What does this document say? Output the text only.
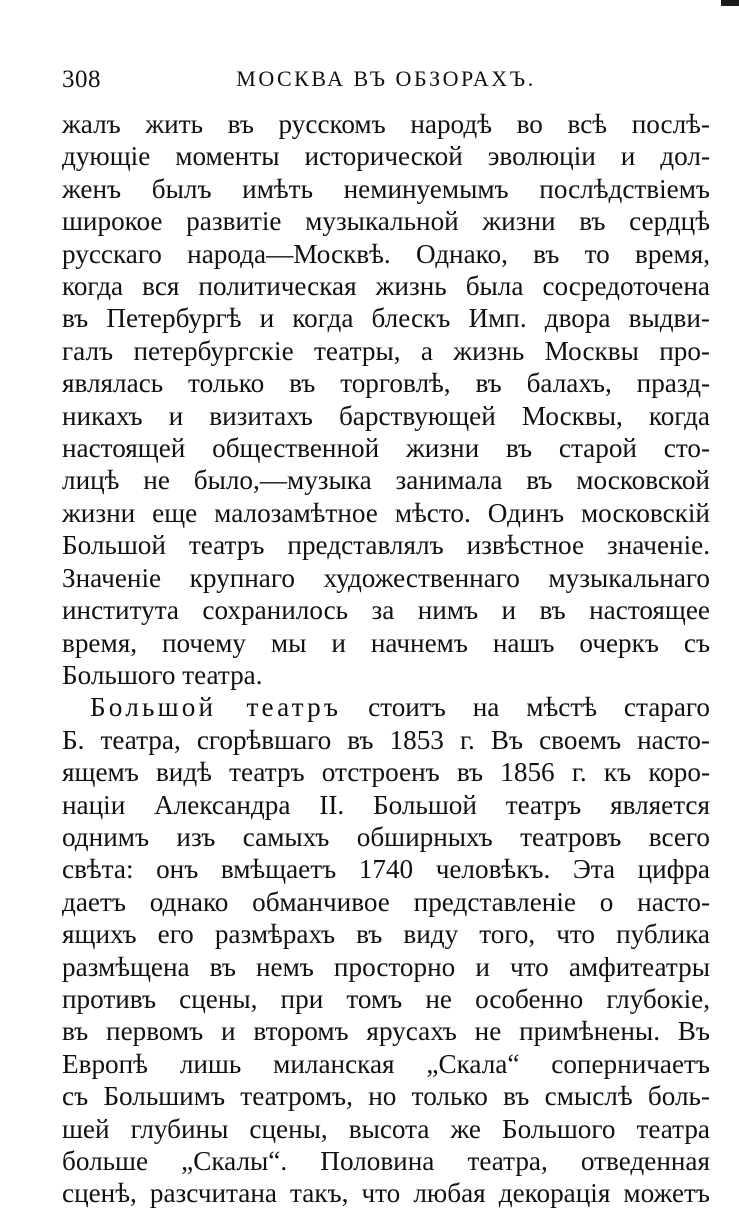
308	МОСКВА ВЪ ОБЗОРАХЪ.

жалъ жить въ русскомъ народѣ во всѣ послѣ-
дующіе моменты исторической эволюціи и дол-
женъ былъ имѣть неминуемымъ послѣдствіемъ
широкое развитіе музыкальной жизни въ сердцѣ
русскаго народа—Москвѣ. Однако, въ то время,
когда вся политическая жизнь была сосредоточена
въ Петербургѣ и когда блескъ Имп. двора выдви-
галъ петербургскіе театры, а жизнь Москвы про-
являлась только въ торговлѣ, въ балахъ, празд-
никахъ и визитахъ барствующей Москвы, когда
настоящей общественной жизни въ старой сто-
лицѣ не было,—музыка занимала въ московской
жизни еще малозамѣтное мѣсто. Одинъ московскій
Большой театръ представлялъ извѣстное значеніе.
Значеніе крупнаго художественнаго музыкальнаго
института сохранилось за нимъ и въ настоящее
время, почему мы и начнемъ нашъ очеркъ съ
Большого театра.

Большой театръ стоитъ на мѣстѣ стараго
Б. театра, сгорѣвшаго въ 1853 г. Въ своемъ насто-
ящемъ видѣ театръ отстроенъ въ 1856 г. къ коро-
націи Александра II. Большой театръ является
однимъ изъ самыхъ обширныхъ театровъ всего
свѣта: онъ вмѣщаетъ 1740 человѣкъ. Эта цифра
даетъ однако обманчивое представленіе о насто-
ящихъ его размѣрахъ въ виду того, что публика
размѣщена въ немъ просторно и что амфитеатры
противъ сцены, при томъ не особенно глубокіе,
въ первомъ и второмъ ярусахъ не примѣнены. Въ
Европѣ лишь миланская „Скала“ соперничаетъ
съ Большимъ театромъ, но только въ смыслѣ боль-
шей глубины сцены, высота же Большого театра
больше „Скалы“. Половина театра, отведенная
сценѣ, разсчитана такъ, что любая декорація можетъ
